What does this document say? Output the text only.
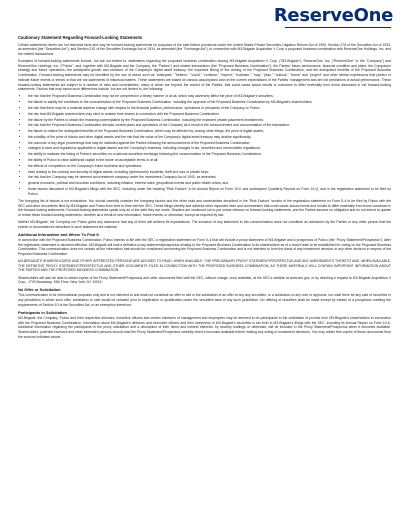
ReserveOne
Cautionary Statement Regarding Forward-Looking Statements

Certain statements herein are not historical facts and may be forward-looking statements for purposes of the safe harbor provisions under the United States Private Securities Litigation Reform Act of 1995, Section 27A of the Securities Act of 1933, as amended (the "Securities Act"), and Section 21E of the Securities Exchange Act of 1934, as amended (the "Exchange Act"), in connection with M3-Brigade Acquisition V Corp.'s proposed business combination with ReserveOne Holdings, Inc. and the related transactions.

Examples of forward-looking statements include, but are not limited to, statements regarding the proposed business combination among M3-Brigade Acquisition V Corp. ("M3-Brigade"), ReserveOne, Inc. ("ReserveOne" or the "Company") and ReserveOne Holdings, Inc. ("Pubco", and, together with M3-Brigade and the Company, the "Parties") and related transactions (the "Proposed Business Combination"); the Parties' future performance, financial condition and plans; the Company's strategy and future operations; the anticipated growth and structure of the Company's digital asset treasury; the expected timing of the closing of the Proposed Business Combination; and the anticipated benefits of the Proposed Business Combination. Forward-looking statements may be identified by the use of words such as "anticipate," "believe," "could," "continue," "expect," "estimate," "may," "plan," "outlook," "future" and "project" and other similar expressions that predict or indicate future events or trends or that are not statements of historical matters. These statements are based on various assumptions and on the current expectations of the Parties' management and are not predictions of actual performance. These forward-looking statements are subject to a number of risks and uncertainties, many of which are beyond the control of the Parties, that could cause actual results or outcomes to differ materially from those discussed in the forward-looking statements. Factors that may cause such differences include, but are not limited to, the following:

• the risk that the Proposed Business Combination may not be completed in a timely manner or at all, which may adversely affect the price of M3-Brigade's securities;
• the failure to satisfy the conditions to the consummation of the Proposed Business Combination, including the approval of the Proposed Business Combination by M3-Brigade's shareholders;
• the risk that there may be a material adverse change with respect to the financial position, performance, operations or prospects of the Company or Pubco;
• the risk that M3-Brigade shareholders may elect to redeem their shares in connection with the Proposed Business Combination;
• the failure by the Parties to obtain the financing contemplated by the Proposed Business Combination, including the expected private placement investments;
• the risk that the Proposed Business Combination disrupts current plans and operations of the Company as a result of the announcement and consummation of the transaction;
• the failure to realize the anticipated benefits of the Proposed Business Combination, which may be affected by, among other things, the price of digital assets;
• the volatility of the price of bitcoin and other digital assets and the risk that the value of the Company's digital asset treasury may decline significantly;
• the outcome of any legal proceedings that may be instituted against the Parties following the announcement of the Proposed Business Combination;
• changes in laws and regulations applicable to digital assets and the Company's business, including changes in tax, securities and commodities regulations;
• the ability to maintain the listing of Pubco's securities on a national securities exchange following the consummation of the Proposed Business Combination;
• the ability of Pubco to raise additional capital in the future on acceptable terms or at all;
• the effects of competition on the Company's future business and operations;
• risks relating to the custody and security of digital assets, including cybersecurity incidents, theft and loss of private keys;
• the risk that the Company may be deemed an investment company under the Investment Company Act of 1940, as amended;
• general economic, political and business conditions, including inflation, interest rates, geopolitical events and public health crises; and
• those factors discussed in M3-Brigade's filings with the SEC, including under the heading "Risk Factors" in its Annual Report on Form 10-K and subsequent Quarterly Reports on Form 10-Q, and in the registration statement to be filed by Pubco.

The foregoing list of factors is not exhaustive. You should carefully consider the foregoing factors and the other risks and uncertainties described in the "Risk Factors" section of the registration statement on Form S-4 to be filed by Pubco with the SEC and other documents filed by M3-Brigade and Pubco from time to time with the SEC. These filings identify and address other important risks and uncertainties that could cause actual events and results to differ materially from those contained in the forward-looking statements. Forward-looking statements speak only as of the date they are made. Readers are cautioned not to put undue reliance on forward-looking statements, and the Parties assume no obligation and do not intend to update or revise these forward-looking statements, whether as a result of new information, future events, or otherwise, except as required by law.

Neither M3-Brigade, the Company nor Pubco gives any assurance that any of them will achieve its expectations. The inclusion of any statement in this communication does not constitute an admission by the Parties or any other person that the events or circumstances described in such statement are material.

Additional Information and Where To Find It

In connection with the Proposed Business Combination, Pubco intends to file with the SEC a registration statement on Form S-4 that will include a proxy statement of M3-Brigade and a prospectus of Pubco (the "Proxy Statement/Prospectus"). After the registration statement is declared effective, M3-Brigade will mail a definitive proxy statement/prospectus relating to the Proposed Business Combination to its shareholders as of a record date to be established for voting on the Proposed Business Combination. This communication does not contain all the information that should be considered concerning the Proposed Business Combination and is not intended to form the basis of any investment decision or any other decision in respect of the Proposed Business Combination.

M3-BRIGADE'S SHAREHOLDERS AND OTHER INTERESTED PERSONS ARE ADVISED TO READ, WHEN AVAILABLE, THE PRELIMINARY PROXY STATEMENT/PROSPECTUS AND ANY AMENDMENTS THERETO AND, WHEN AVAILABLE, THE DEFINITIVE PROXY STATEMENT/PROSPECTUS AND OTHER DOCUMENTS FILED IN CONNECTION WITH THE PROPOSED BUSINESS COMBINATION, AS THESE MATERIALS WILL CONTAIN IMPORTANT INFORMATION ABOUT THE PARTIES AND THE PROPOSED BUSINESS COMBINATION.

Shareholders will also be able to obtain copies of the Proxy Statement/Prospectus and other documents filed with the SEC, without charge, once available, at the SEC's website at www.sec.gov, or by directing a request to M3-Brigade Acquisition V Corp., 1700 Broadway, 19th Floor, New York, NY 10019.

No Offer or Solicitation

This communication is for informational purposes only and is not intended to and shall not constitute an offer to sell or the solicitation of an offer to buy any securities, or a solicitation of any vote or approval, nor shall there be any sale of securities in any jurisdiction in which such offer, solicitation or sale would be unlawful prior to registration or qualification under the securities laws of any such jurisdiction. No offering of securities shall be made except by means of a prospectus meeting the requirements of Section 10 of the Securities Act, or an exemption therefrom.

Participants in Solicitation

M3-Brigade, the Company, Pubco and their respective directors, executive officers and certain members of management and employees may be deemed to be participants in the solicitation of proxies from M3-Brigade's shareholders in connection with the Proposed Business Combination. Information about M3-Brigade's directors and executive officers and their ownership of M3-Brigade's securities is set forth in M3-Brigade's filings with the SEC, including its Annual Report on Form 10-K. Additional information regarding the participants in the proxy solicitation and a description of their direct and indirect interests, by security holdings or otherwise, will be included in the Proxy Statement/Prospectus when it becomes available. Shareholders, potential investors and other interested persons should read the Proxy Statement/Prospectus carefully when it becomes available before making any voting or investment decisions. You may obtain free copies of these documents from the sources indicated above.
